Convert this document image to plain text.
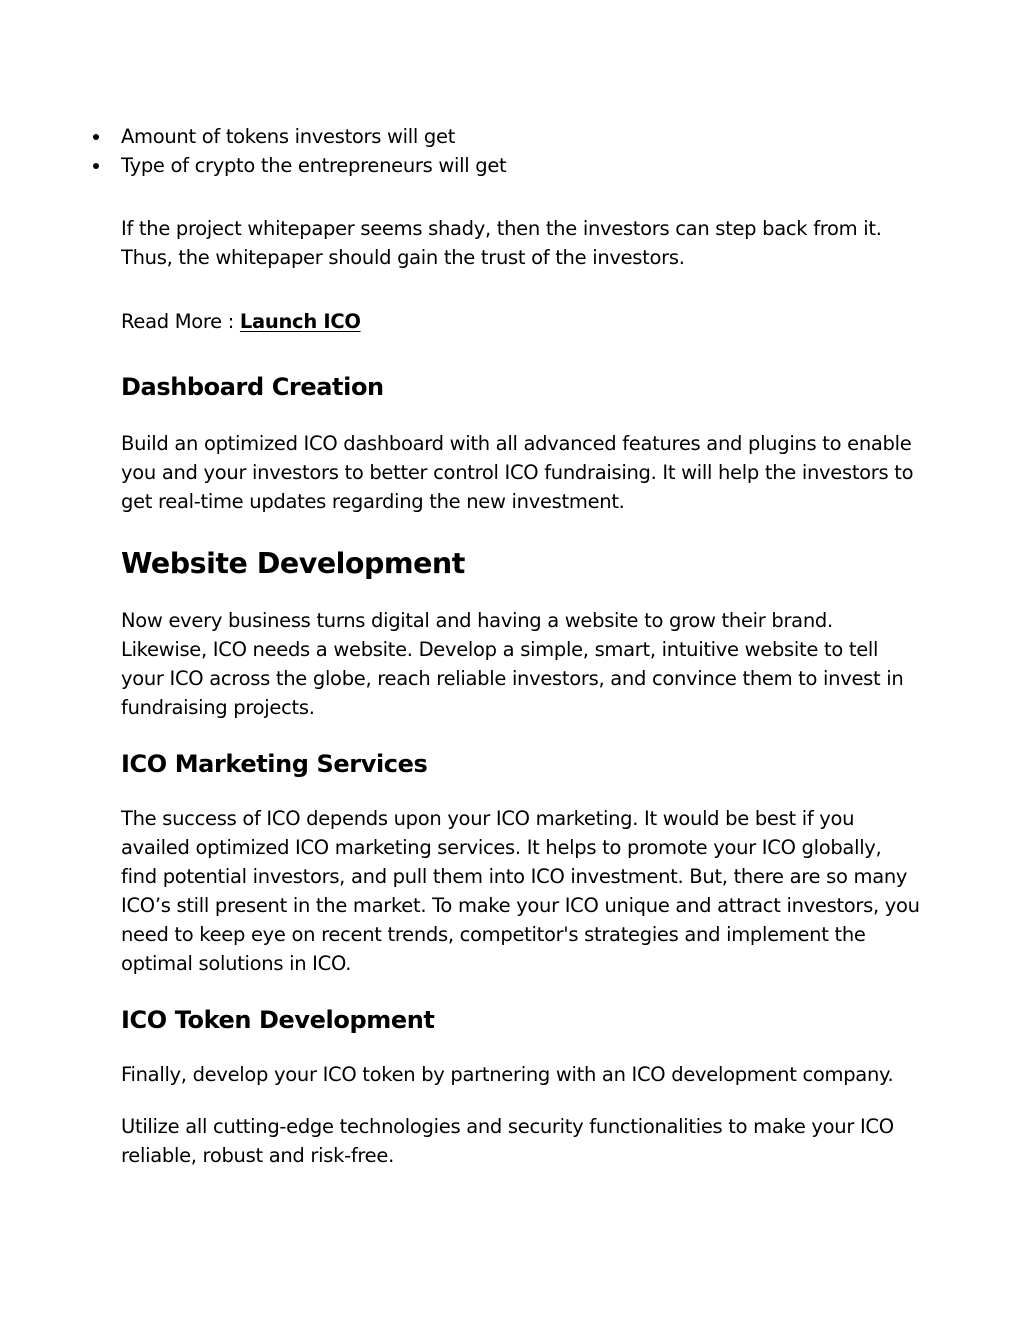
Amount of tokens investors will get
Type of crypto the entrepreneurs will get

If the project whitepaper seems shady, then the investors can step back from it. Thus, the whitepaper should gain the trust of the investors.

Read More : Launch ICO

Dashboard Creation

Build an optimized ICO dashboard with all advanced features and plugins to enable you and your investors to better control ICO fundraising. It will help the investors to get real-time updates regarding the new investment.

Website Development

Now every business turns digital and having a website to grow their brand. Likewise, ICO needs a website. Develop a simple, smart, intuitive website to tell your ICO across the globe, reach reliable investors, and convince them to invest in fundraising projects.

ICO Marketing Services

The success of ICO depends upon your ICO marketing. It would be best if you availed optimized ICO marketing services. It helps to promote your ICO globally, find potential investors, and pull them into ICO investment. But, there are so many ICO’s still present in the market. To make your ICO unique and attract investors, you need to keep eye on recent trends, competitor's strategies and implement the optimal solutions in ICO.

ICO Token Development

Finally, develop your ICO token by partnering with an ICO development company.

Utilize all cutting-edge technologies and security functionalities to make your ICO reliable, robust and risk-free.
